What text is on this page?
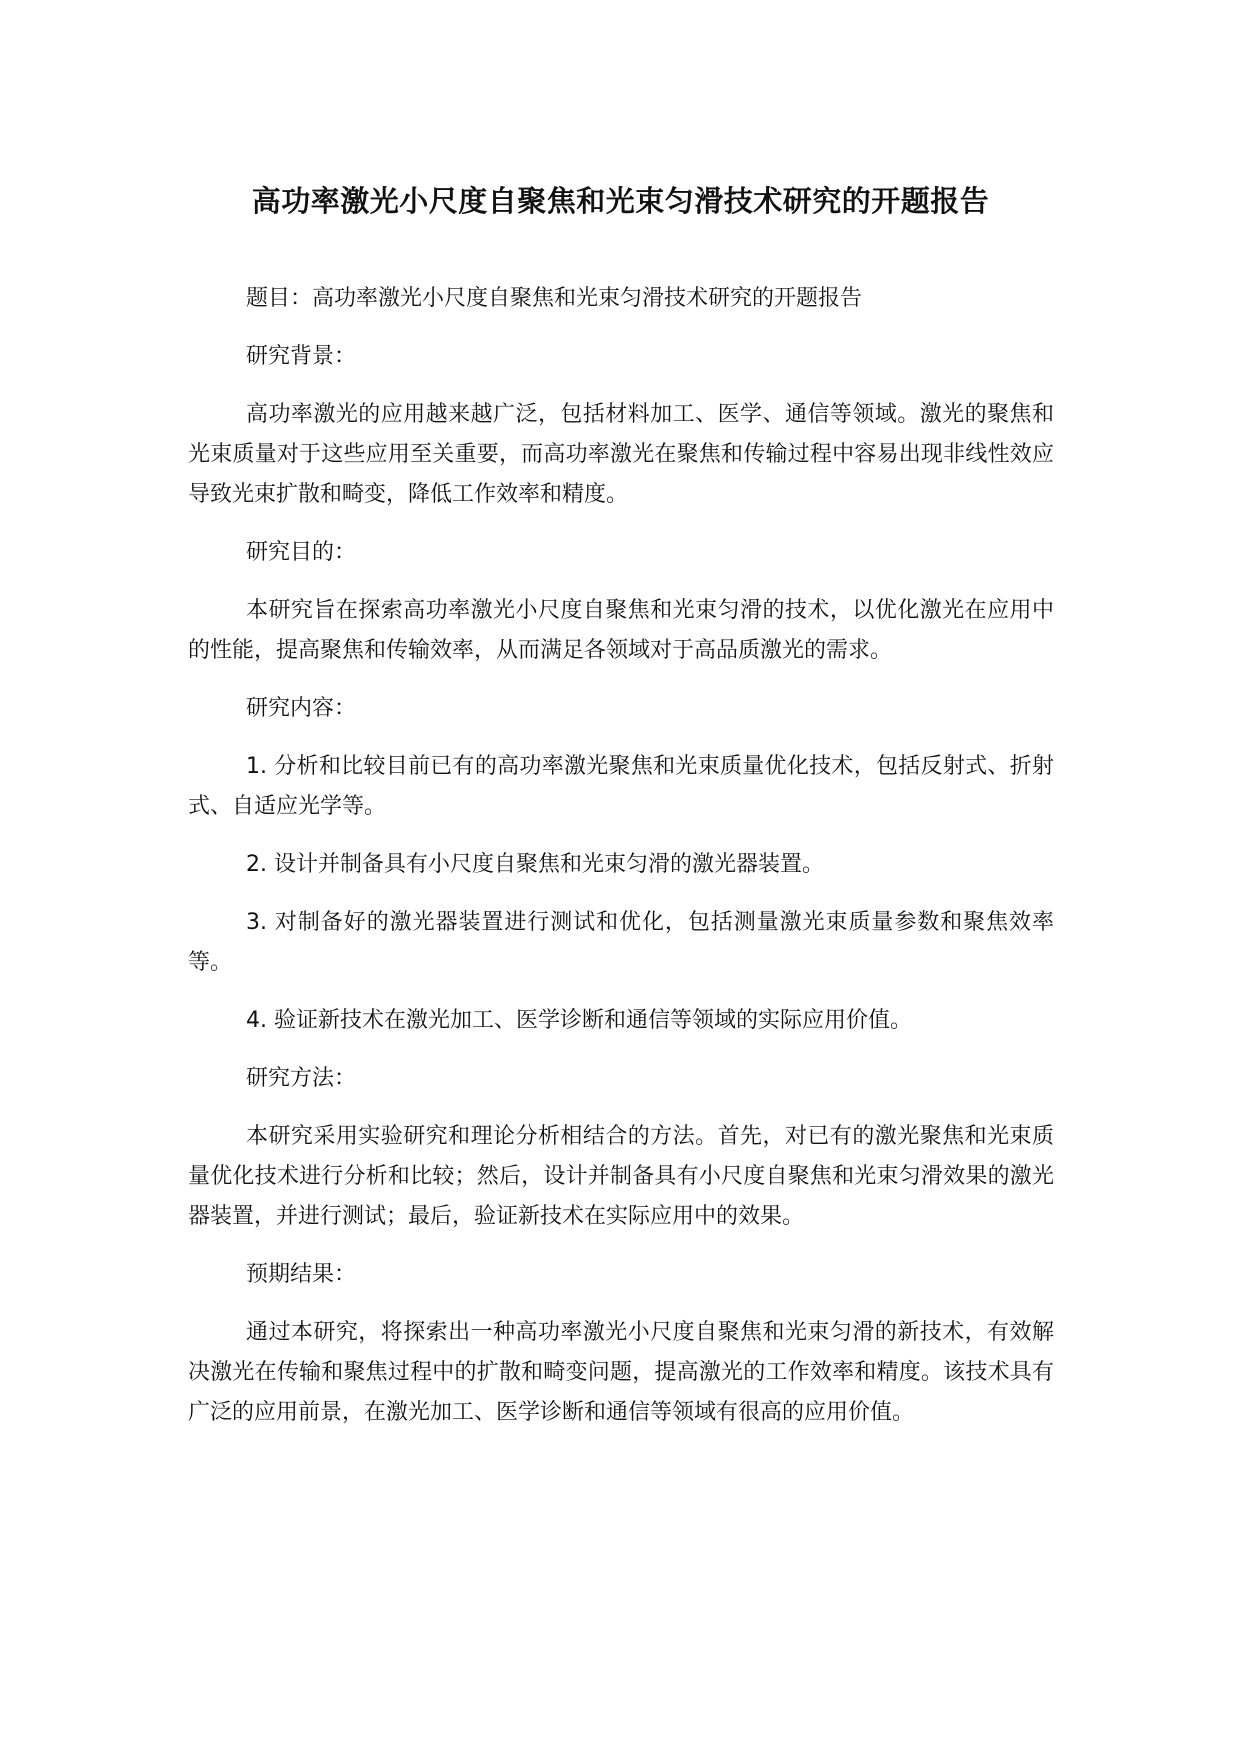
高功率激光小尺度自聚焦和光束匀滑技术研究的开题报告

题目：高功率激光小尺度自聚焦和光束匀滑技术研究的开题报告

研究背景：

高功率激光的应用越来越广泛，包括材料加工、医学、通信等领域。激光的聚焦和光束质量对于这些应用至关重要，而高功率激光在聚焦和传输过程中容易出现非线性效应导致光束扩散和畸变，降低工作效率和精度。

研究目的：

本研究旨在探索高功率激光小尺度自聚焦和光束匀滑的技术，以优化激光在应用中的性能，提高聚焦和传输效率，从而满足各领域对于高品质激光的需求。

研究内容：

1. 分析和比较目前已有的高功率激光聚焦和光束质量优化技术，包括反射式、折射式、自适应光学等。

2. 设计并制备具有小尺度自聚焦和光束匀滑的激光器装置。

3. 对制备好的激光器装置进行测试和优化，包括测量激光束质量参数和聚焦效率等。

4. 验证新技术在激光加工、医学诊断和通信等领域的实际应用价值。

研究方法：

本研究采用实验研究和理论分析相结合的方法。首先，对已有的激光聚焦和光束质量优化技术进行分析和比较；然后，设计并制备具有小尺度自聚焦和光束匀滑效果的激光器装置，并进行测试；最后，验证新技术在实际应用中的效果。

预期结果：

通过本研究，将探索出一种高功率激光小尺度自聚焦和光束匀滑的新技术，有效解决激光在传输和聚焦过程中的扩散和畸变问题，提高激光的工作效率和精度。该技术具有广泛的应用前景，在激光加工、医学诊断和通信等领域有很高的应用价值。
